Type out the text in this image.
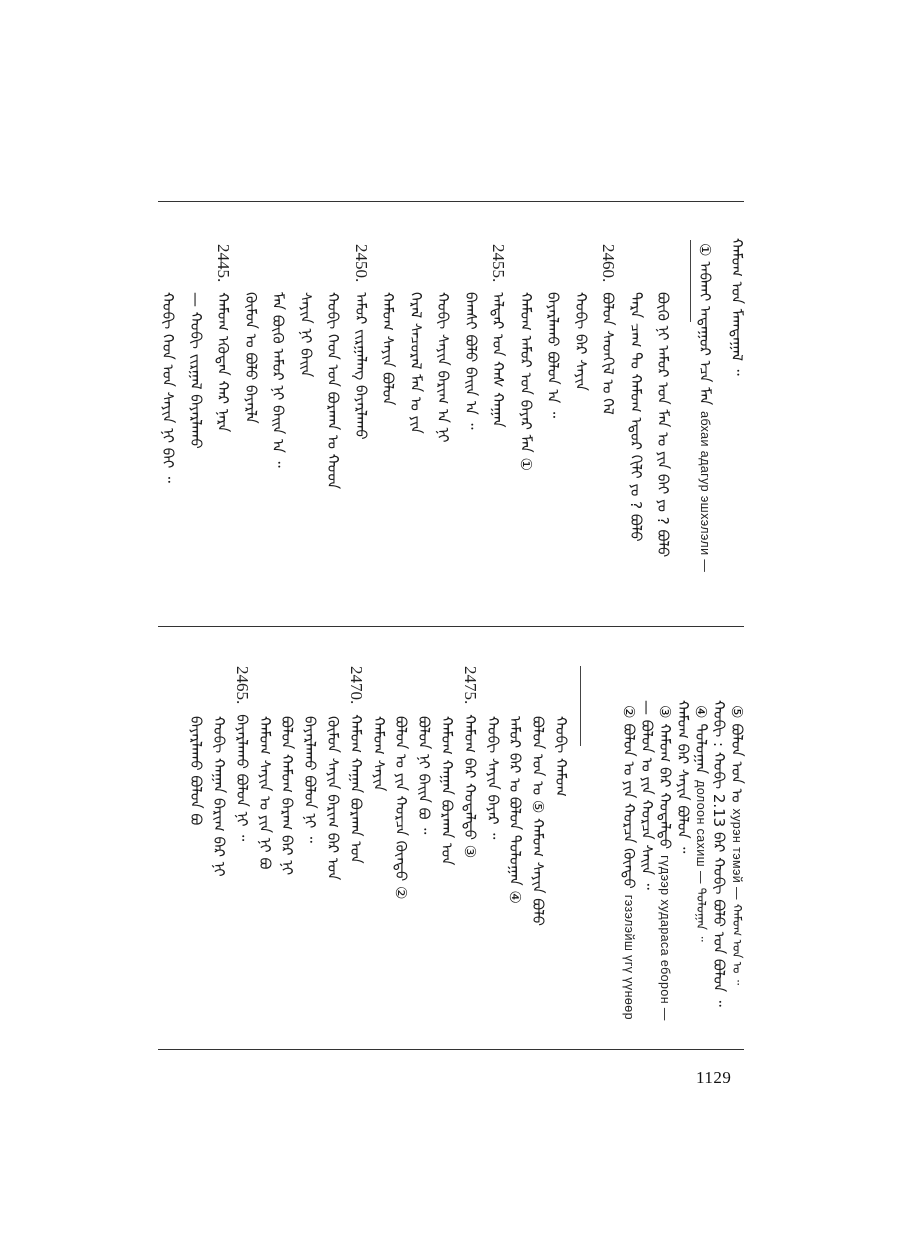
ᠬᠠᠮᠤᠭ ᠤᠨ ᠮᠠᠭᠲᠠᠭᠠᠯ ᠃
①
ᠠᠪᠬᠠᠢ ᠠᠳᠠᠭᠤᠷ ᠡᠴᠡ ᠮᠠᠨ
абхаи адагур эшхэлэли —
ᠪᠦᠬᠦ ᠨᠢ ᠠᠮᠤᠷ ᠤᠨ ᠮᠠᠨ ᠤ ᠶᠢᠨ ᠪᠠᠢ ᠶᠤ ? ᠪᠣᠯᠤ
ᠲᠡᠷᠡ ᠴᠠᠭ ᠲᠤ ᠬᠠᠮᠤᠭ ᠡᠳᠦᠷ ᠬᠢᠯᠢ ᠶᠤ ? ᠪᠣᠯᠤ
2460.
ᠪᠣᠯᠤᠨ ᠰᠡᠳᠬᠢᠯ ᠤ ᠬᠡᠯ
ᠬᠤᠪᠢ ᠪᠠᠷ ᠰᠠᠶᠢᠨ
ᠪᠠᠶᠠᠷᠯᠠᠬᠤ ᠪᠣᠯᠤᠨ ᠠ ᠃
ᠬᠠᠮᠤᠭ ᠠᠮᠤᠷ ᠤᠨ ᠪᠠᠶᠠᠷ ᠮᠠᠨ ①
2455.
ᠠᠯᠳᠠᠷ ᠤᠨ ᠬᠠᠰ ᠬᠠᠭᠠᠨ
ᠪᠠᠭᠰᠢ ᠪᠣᠯᠤ ᠪᠠᠢᠨ ᠠ ᠃
ᠬᠤᠪᠢ ᠰᠠᠶᠢᠨ ᠪᠠᠷᠢᠭ ᠠ ᠨᠢ
ᠭᠡᠷᠡᠯ ᠰᠠᠴᠤᠷᠠᠯ ᠮᠠᠨ ᠤ ᠶᠢᠨ
ᠬᠠᠮᠤᠭ ᠰᠠᠶᠢᠨ ᠪᠣᠯᠤᠨ
2450.
ᠠᠮᠤᠷ ᠵᠢᠷᠭᠠᠯᠠᠩ ᠪᠠᠶᠠᠷᠯᠠᠬᠤ
ᠬᠤᠪᠢ ᠬᠡᠳ ᠤᠨ ᠪᠤᠷᠬᠠᠨ ᠤ ᠬᠤᠳ
ᠰᠠᠶᠢᠨ ᠨᠢ ᠪᠠᠢᠨ
ᠮᠠᠨ ᠪᠦᠬᠦ ᠠᠮᠤᠷ ᠨᠢ ᠪᠠᠢᠨ ᠠ ᠃
ᠬᠦᠮᠦᠨ ᠤ ᠪᠣᠯᠤ ᠪᠠᠶᠠᠷᠯᠠ
2445.
ᠬᠠᠮᠤᠭ ᠡᠭᠦᠳᠡᠨ ᠬᠠᠷ ᠨᠠᠷᠠ
— ᠬᠤᠪᠢ ᠵᠢᠷᠭᠠᠯ ᠪᠠᠶᠠᠷᠯᠠᠬᠤ
ᠬᠤᠪᠢ ᠬᠡᠳ ᠤᠨ ᠰᠠᠶᠢᠨ ᠨᠢ ᠪᠠᠢ ᠃
⑤
ᠪᠣᠯᠤᠨ ᠤᠨ ᠤ
хурэн тэмэй — ᠬᠠᠮᠤᠭ ᠤᠨ ᠤ ᠃
ᠬᠤᠪᠢ : ᠬᠤᠪᠢ 2.13 ᠪᠠᠷ ᠬᠤᠪᠢ ᠪᠣᠯᠤ ᠤᠨ ᠪᠣᠯᠤᠨ ᠃
④
ᠳᠣᠯᠣᠭᠠᠨ
долоон сахиш — ᠳᠣᠯᠣᠭᠠᠨ ᠃
ᠬᠠᠮᠤᠭ ᠪᠠᠷ ᠰᠠᠶᠢᠨ ᠪᠣᠯᠤᠨ ᠃
③
ᠬᠠᠮᠤᠭ ᠪᠠᠷ ᠬᠤᠳᠠᠯᠳᠤ
гүдээр худараса еборон —
— ᠪᠣᠯᠤᠨ ᠤ ᠶᠢᠨ ᠬᠤᠷᠴᠠ ᠰᠠᠢᠨ ᠃
②
ᠪᠣᠯᠤᠨ ᠤ ᠶᠢᠨ ᠬᠤᠷᠴᠠ ᠬᠦᠨᠳᠦ
гэзэлэйш үгү үүнөөр
ᠬᠤᠪᠢ ᠬᠠᠮᠤᠭ
ᠪᠣᠯᠤᠨ ᠤᠨ ᠤ ⑤ ᠬᠠᠮᠤᠭ ᠰᠠᠶᠢᠨ ᠪᠣᠯᠤ
ᠠᠮᠤᠷ ᠪᠠᠷ ᠤ ᠪᠣᠯᠤᠨ ᠳᠣᠯᠣᠭᠠᠨ ④
ᠬᠤᠪᠢ ᠰᠠᠶᠢᠨ ᠪᠠᠶᠠᠷ ᠃
2475.
ᠬᠠᠮᠤᠭ ᠪᠠᠷ ᠬᠤᠳᠠᠯᠳᠤ ③
ᠬᠠᠮᠤᠭ ᠬᠠᠭᠠᠨ ᠪᠤᠷᠬᠠᠨ ᠤᠨ
ᠪᠣᠯᠤᠨ ᠨᠢ ᠪᠠᠢᠨ ᠪᠣ ᠃
ᠪᠣᠯᠤᠨ ᠤ ᠶᠢᠨ ᠬᠤᠷᠴᠠ ᠬᠦᠨᠳᠦ ②
ᠬᠠᠮᠤᠭ ᠰᠠᠶᠢᠨ
2470.
ᠬᠠᠮᠤᠭ ᠬᠠᠭᠠᠨ ᠪᠤᠷᠬᠠᠨ ᠤᠨ
ᠬᠦᠮᠦᠨ ᠰᠠᠶᠢᠨ ᠪᠠᠷᠢᠭ ᠪᠠᠷ ᠤᠨ
ᠪᠠᠶᠠᠷᠯᠠᠬᠤ ᠪᠣᠯᠤᠨ ᠨᠢ ᠃
ᠪᠣᠯᠤᠨ ᠬᠠᠮᠤᠭ ᠪᠠᠷᠠᠭ ᠪᠠᠷ ᠨᠢ
ᠬᠠᠮᠤᠭ ᠰᠠᠶᠢᠨ ᠤ ᠶᠢᠨ ᠨᠢ ᠪᠣ
2465.
ᠪᠠᠶᠠᠷᠯᠠᠬᠤ ᠪᠣᠯᠤᠨ ᠨᠢ ᠃
ᠬᠤᠪᠢ ᠬᠠᠭᠠᠨ ᠪᠠᠷᠢᠭ ᠪᠠᠷ ᠨᠢ
ᠪᠠᠶᠠᠷᠯᠠᠬᠤ ᠪᠣᠯᠤᠨ ᠪᠣ
1129
